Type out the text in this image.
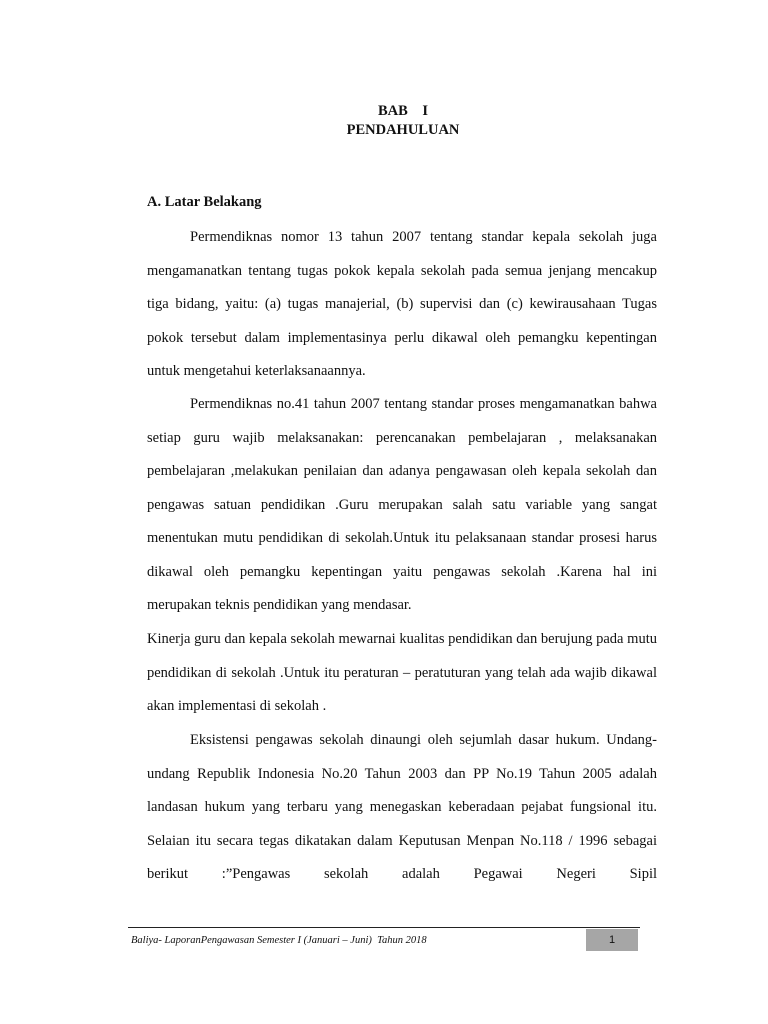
BAB    I
PENDAHULUAN
A. Latar Belakang
Permendiknas nomor 13 tahun 2007 tentang standar kepala sekolah juga mengamanatkan tentang tugas pokok kepala sekolah pada semua jenjang mencakup tiga bidang, yaitu: (a) tugas manajerial, (b) supervisi dan (c) kewirausahaan Tugas pokok tersebut dalam implementasinya perlu dikawal oleh pemangku kepentingan untuk mengetahui keterlaksanaannya.
Permendiknas no.41 tahun 2007 tentang standar proses mengamanatkan bahwa setiap guru wajib melaksanakan: perencanakan pembelajaran , melaksanakan pembelajaran ,melakukan penilaian dan adanya pengawasan oleh kepala sekolah dan pengawas satuan pendidikan .Guru merupakan salah satu variable yang sangat menentukan mutu pendidikan di sekolah.Untuk itu pelaksanaan standar prosesi harus dikawal oleh pemangku kepentingan yaitu pengawas sekolah .Karena hal ini merupakan teknis pendidikan yang mendasar.
Kinerja guru dan kepala sekolah mewarnai kualitas pendidikan dan berujung pada mutu pendidikan di sekolah .Untuk itu peraturan – peratuturan yang telah ada wajib dikawal akan implementasi di sekolah .
Eksistensi pengawas sekolah dinaungi oleh sejumlah dasar hukum. Undang-undang Republik Indonesia No.20 Tahun 2003 dan PP No.19 Tahun 2005 adalah landasan hukum yang terbaru yang menegaskan keberadaan pejabat fungsional itu. Selaian itu secara tegas dikatakan dalam Keputusan Menpan No.118 / 1996 sebagai berikut :”Pengawas sekolah adalah Pegawai Negeri Sipil
Baliya- LaporanPengawasan Semester I (Januari – Juni)  Tahun 2018	1
